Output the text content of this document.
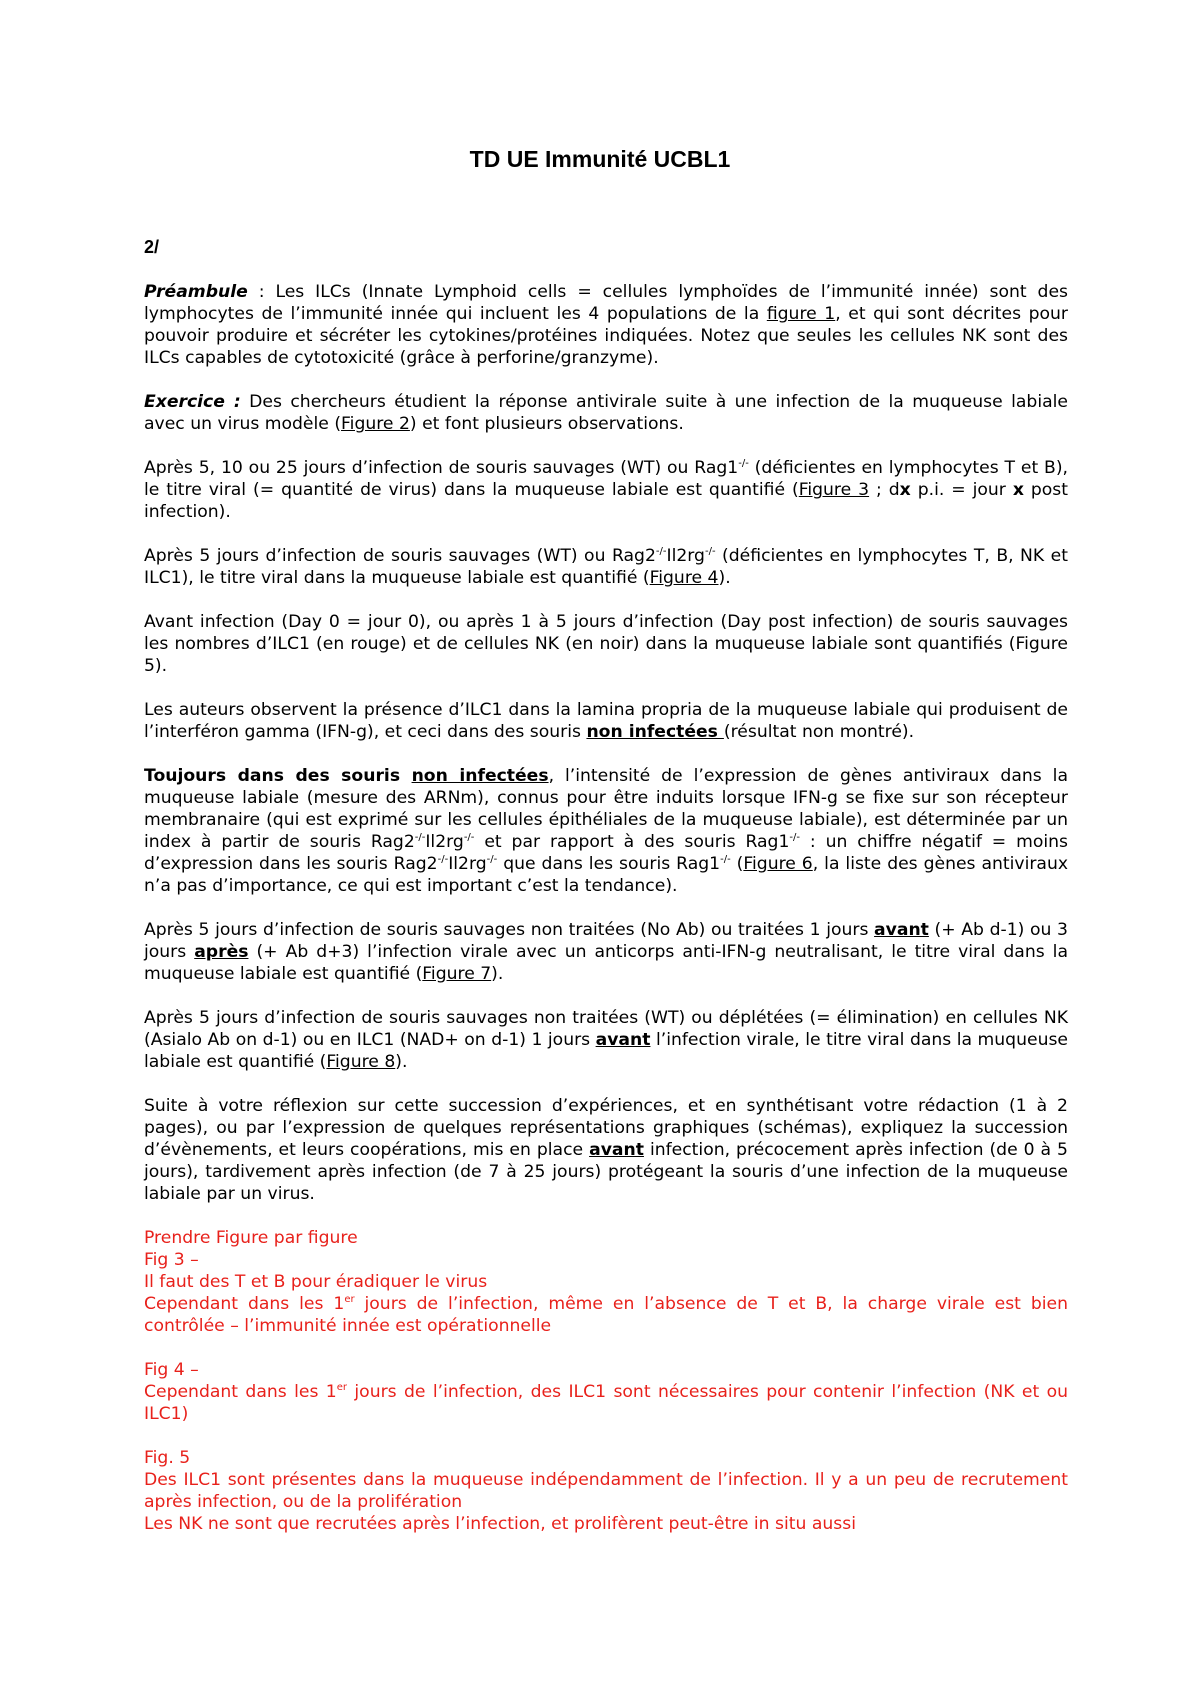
TD UE Immunité UCBL1

2/

Préambule : Les ILCs (Innate Lymphoid cells = cellules lymphoïdes de l’immunité innée) sont des lymphocytes de l’immunité innée qui incluent les 4 populations de la figure 1, et qui sont décrites pour pouvoir produire et sécréter les cytokines/protéines indiquées. Notez que seules les cellules NK sont des ILCs capables de cytotoxicité (grâce à perforine/granzyme).

Exercice : Des chercheurs étudient la réponse antivirale suite à une infection de la muqueuse labiale avec un virus modèle (Figure 2) et font plusieurs observations.

Après 5, 10 ou 25 jours d’infection de souris sauvages (WT) ou Rag1-/- (déficientes en lymphocytes T et B), le titre viral (= quantité de virus) dans la muqueuse labiale est quantifié (Figure 3 ; dx p.i. = jour x post infection).

Après 5 jours d’infection de souris sauvages (WT) ou Rag2-/-Il2rg-/- (déficientes en lymphocytes T, B, NK et ILC1), le titre viral dans la muqueuse labiale est quantifié (Figure 4).

Avant infection (Day 0 = jour 0), ou après 1 à 5 jours d’infection (Day post infection) de souris sauvages les nombres d’ILC1 (en rouge) et de cellules NK (en noir) dans la muqueuse labiale sont quantifiés (Figure 5).

Les auteurs observent la présence d’ILC1 dans la lamina propria de la muqueuse labiale qui produisent de l’interféron gamma (IFN-g), et ceci dans des souris non infectées (résultat non montré).

Toujours dans des souris non infectées, l’intensité de l’expression de gènes antiviraux dans la muqueuse labiale (mesure des ARNm), connus pour être induits lorsque IFN-g se fixe sur son récepteur membranaire (qui est exprimé sur les cellules épithéliales de la muqueuse labiale), est déterminée par un index à partir de souris Rag2-/-Il2rg-/- et par rapport à des souris Rag1-/- : un chiffre négatif = moins d’expression dans les souris Rag2-/-Il2rg-/- que dans les souris Rag1-/- (Figure 6, la liste des gènes antiviraux n’a pas d’importance, ce qui est important c’est la tendance).

Après 5 jours d’infection de souris sauvages non traitées (No Ab) ou traitées 1 jours avant (+ Ab d-1) ou 3 jours après (+ Ab d+3) l’infection virale avec un anticorps anti-IFN-g neutralisant, le titre viral dans la muqueuse labiale est quantifié (Figure 7).

Après 5 jours d’infection de souris sauvages non traitées (WT) ou déplétées (= élimination) en cellules NK (Asialo Ab on d-1) ou en ILC1 (NAD+ on d-1) 1 jours avant l’infection virale, le titre viral dans la muqueuse labiale est quantifié (Figure 8).

Suite à votre réflexion sur cette succession d’expériences, et en synthétisant votre rédaction (1 à 2 pages), ou par l’expression de quelques représentations graphiques (schémas), expliquez la succession d’évènements, et leurs coopérations, mis en place avant infection, précocement après infection (de 0 à 5 jours), tardivement après infection (de 7 à 25 jours) protégeant la souris d’une infection de la muqueuse labiale par un virus.

Prendre Figure par figure

Fig 3 –

Il faut des T et B pour éradiquer le virus

Cependant dans les 1er jours de l’infection, même en l’absence de T et B, la charge virale est bien contrôlée – l’immunité innée est opérationnelle

Fig 4 –

Cependant dans les 1er jours de l’infection, des ILC1 sont nécessaires pour contenir l’infection (NK et ou ILC1)

Fig. 5

Des ILC1 sont présentes dans la muqueuse indépendamment de l’infection. Il y a un peu de recrutement après infection, ou de la prolifération

Les NK ne sont que recrutées après l’infection, et prolifèrent peut-être in situ aussi
